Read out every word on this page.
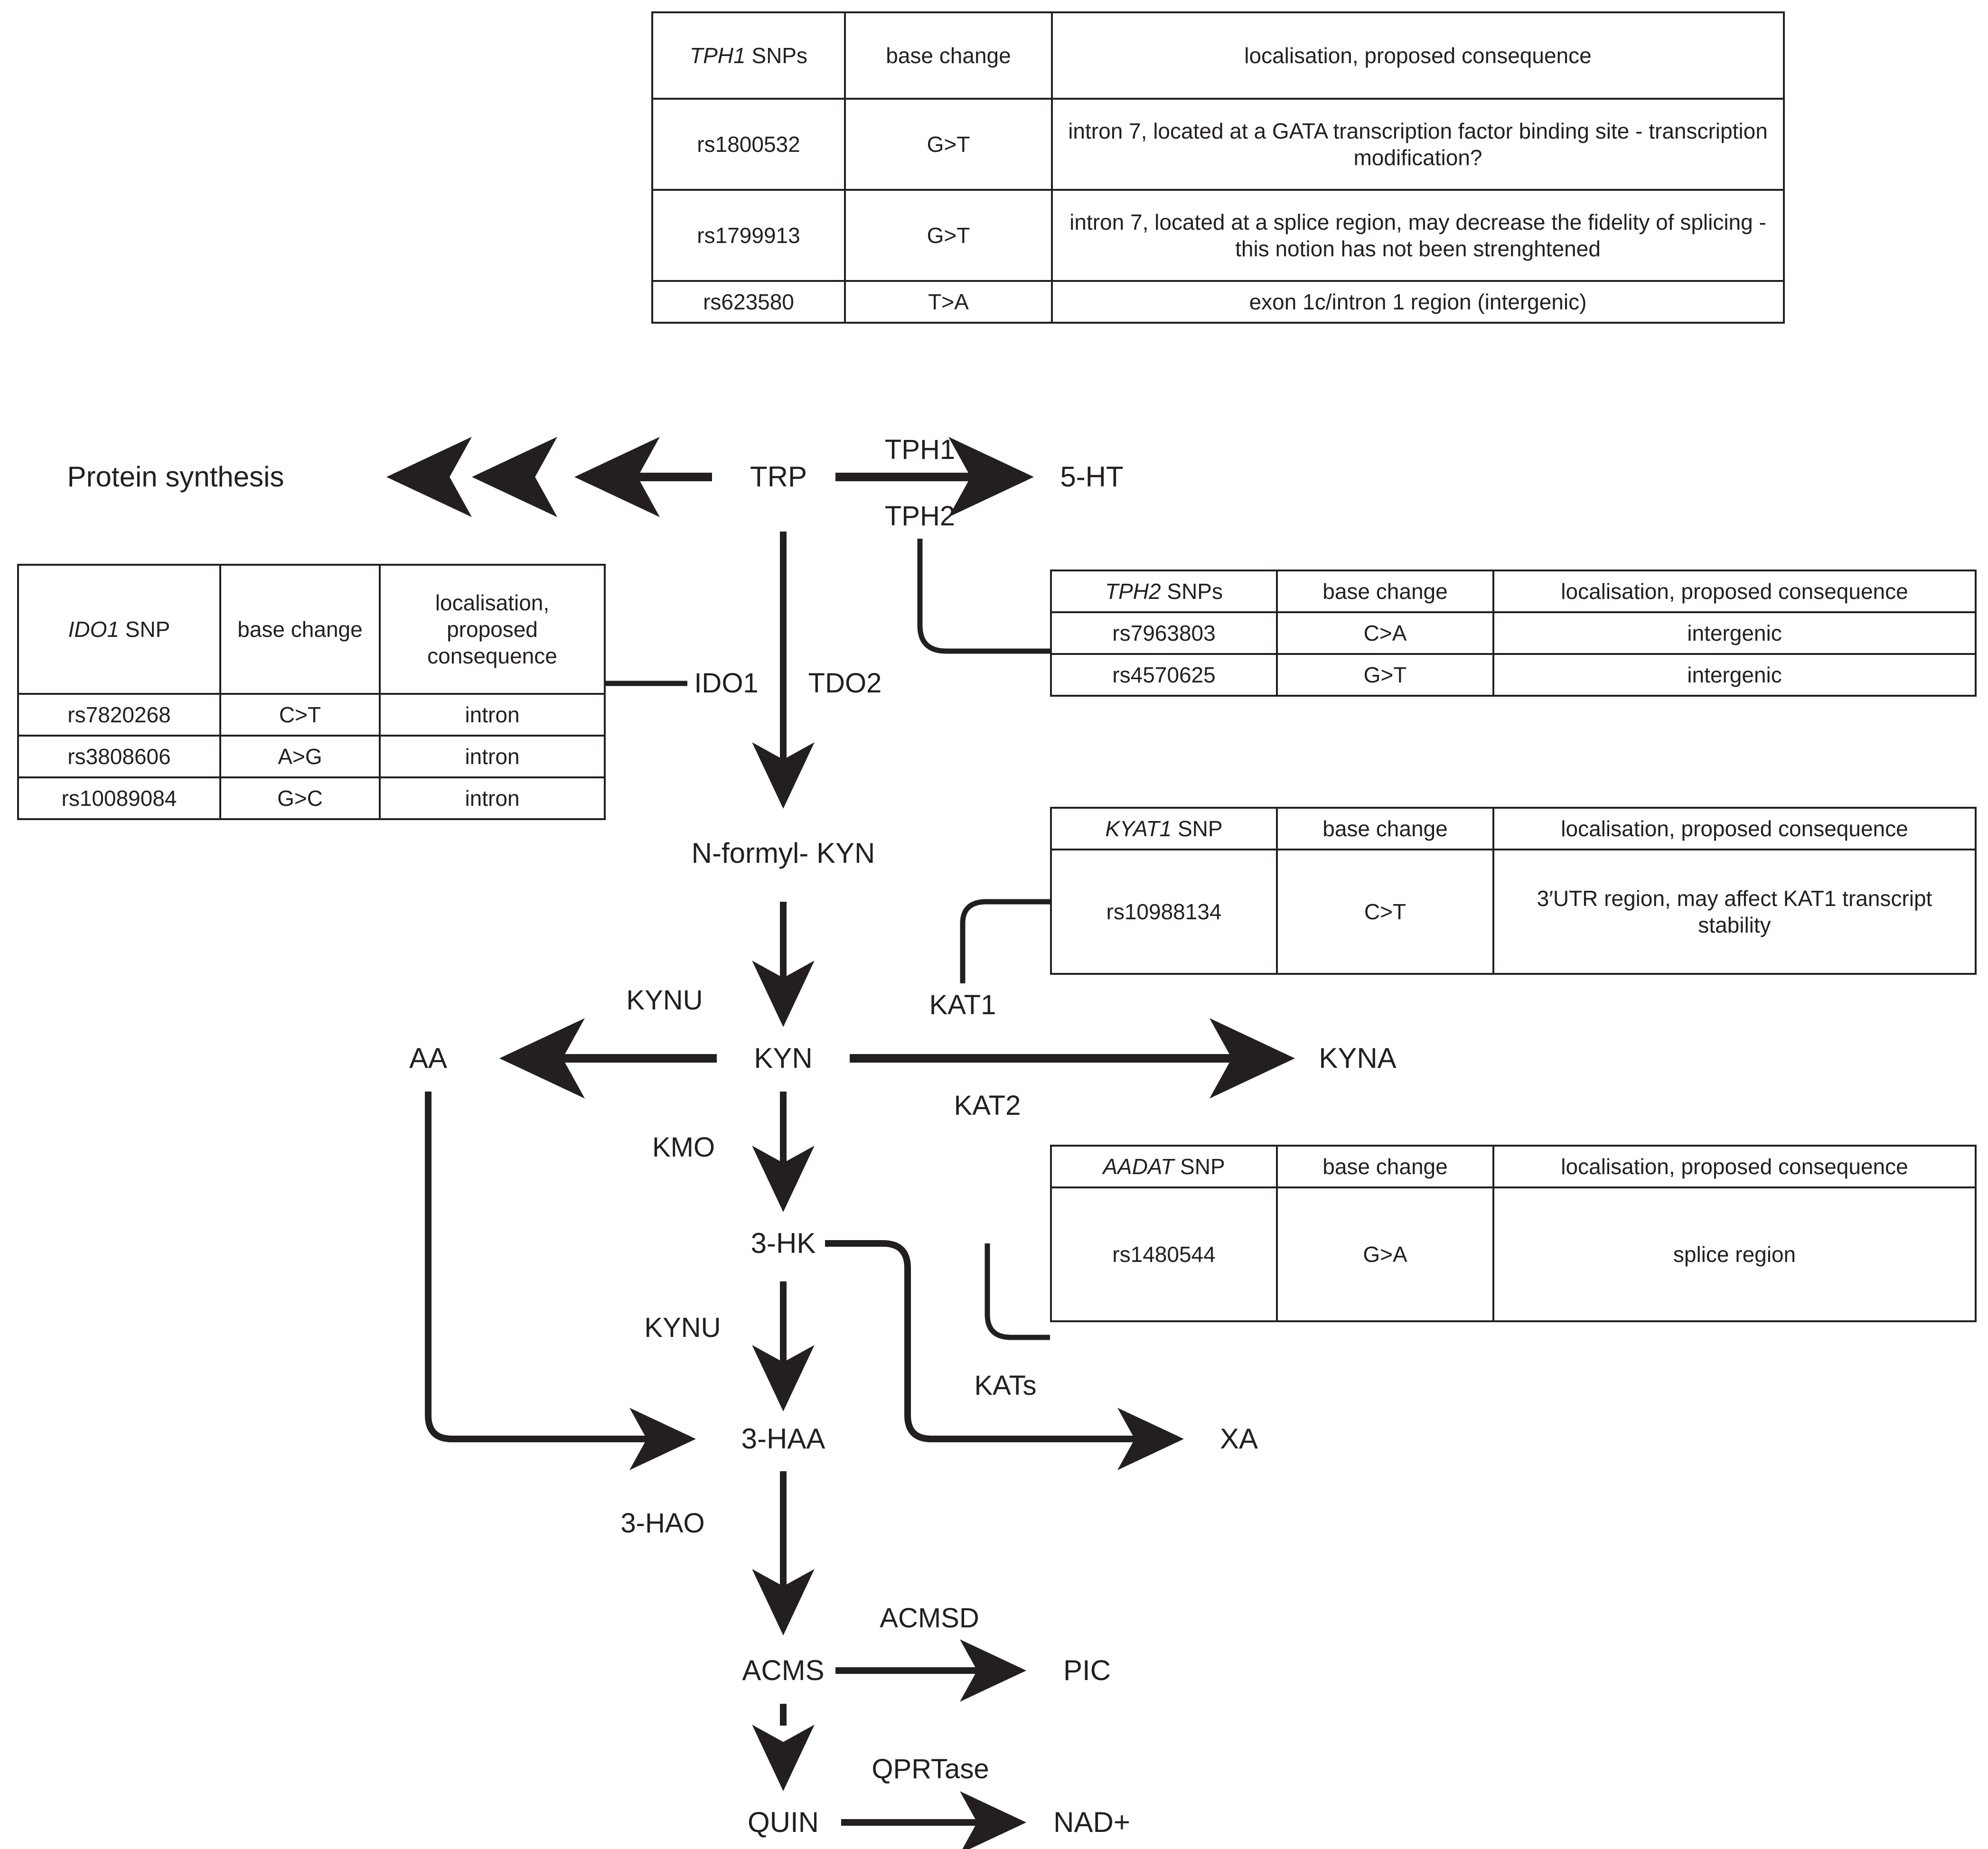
TPH1 SNPs	base change	localisation, proposed consequence
rs1800532	G>T	intron 7, located at a GATA transcription factor binding site - transcription modification?
rs1799913	G>T	intron 7, located at a splice region, may decrease the fidelity of splicing - this notion has not been strenghtened
rs623580	T>A	exon 1c/intron 1 region (intergenic)
IDO1 SNP	base change	localisation, proposed consequence
rs7820268	C>T	intron
rs3808606	A>G	intron
rs10089084	G>C	intron
TPH2 SNPs	base change	localisation, proposed consequence
rs7963803	C>A	intergenic
rs4570625	G>T	intergenic
KYAT1 SNP	base change	localisation, proposed consequence
rs10988134	C>T	3′UTR region, may affect KAT1 transcript stability
AADAT SNP	base change	localisation, proposed consequence
rs1480544	G>A	splice region
Protein synthesis	TRP	5-HT
N-formyl- KYN
KYN
AA	KYNA
3-HK
3-HAA	XA
ACMS	PIC
QUIN	NAD+
TPH1
TPH2
IDO1 TDO2
KYNU	KAT1
KMO
KAT2
KYNU
KATs
3-HAO
ACMSD
QPRTase
